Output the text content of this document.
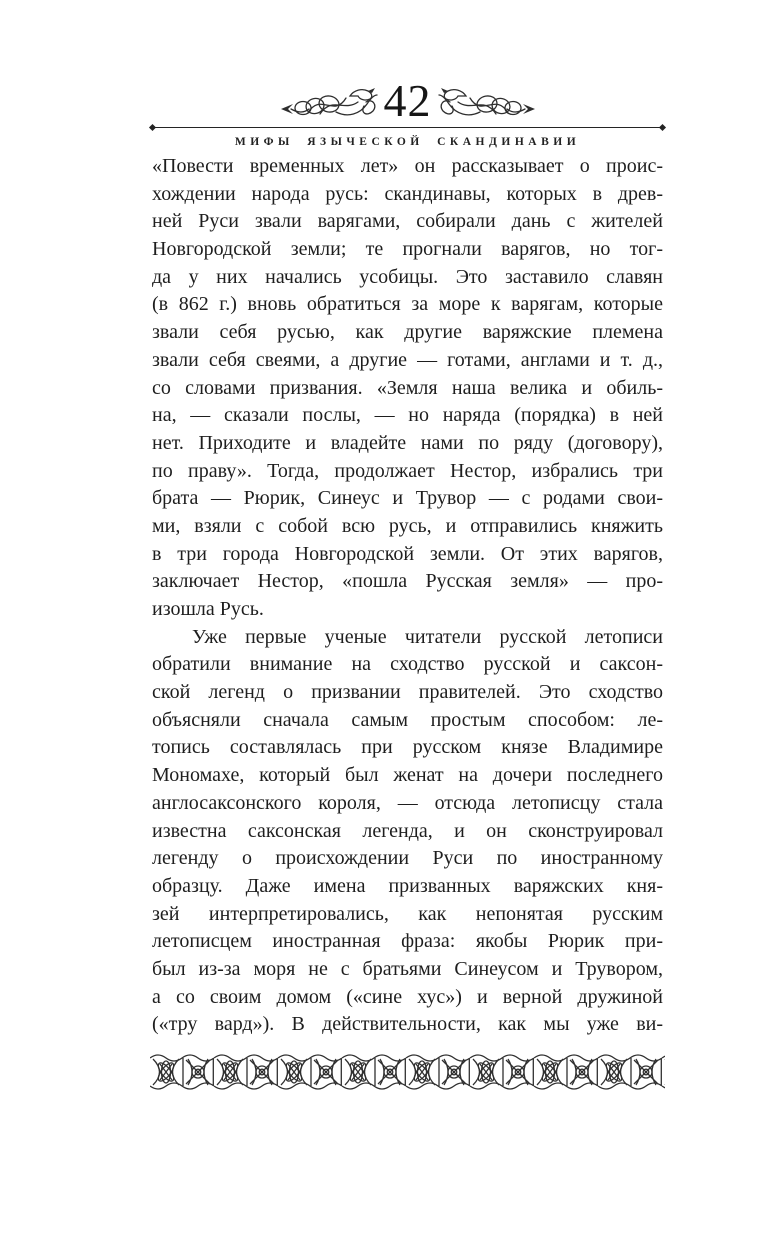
42
МИФЫ ЯЗЫЧЕСКОЙ СКАНДИНАВИИ
«Повести временных лет» он рассказывает о проис-
хождении народа русь: скандинавы, которых в древ-
ней Руси звали варягами, собирали дань с жителей
Новгородской земли; те прогнали варягов, но тог-
да у них начались усобицы. Это заставило славян
(в 862 г.) вновь обратиться за море к варягам, которые
звали себя русью, как другие варяжские племена
звали себя свеями, а другие — готами, англами и т. д.,
со словами призвания. «Земля наша велика и обиль-
на, — сказали послы, — но наряда (порядка) в ней
нет. Приходите и владейте нами по ряду (договору),
по праву». Тогда, продолжает Нестор, избрались три
брата — Рюрик, Синеус и Трувор — с родами свои-
ми, взяли с собой всю русь, и отправились княжить
в три города Новгородской земли. От этих варягов,
заключает Нестор, «пошла Русская земля» — про-
изошла Русь.
Уже первые ученые читатели русской летописи
обратили внимание на сходство русской и саксон-
ской легенд о призвании правителей. Это сходство
объясняли сначала самым простым способом: ле-
топись составлялась при русском князе Владимире
Мономахе, который был женат на дочери последнего
англосаксонского короля, — отсюда летописцу стала
известна саксонская легенда, и он сконструировал
легенду о происхождении Руси по иностранному
образцу. Даже имена призванных варяжских кня-
зей интерпретировались, как непонятая русским
летописцем иностранная фраза: якобы Рюрик при-
был из-за моря не с братьями Синеусом и Трувором,
а со своим домом («сине хус») и верной дружиной
(«тру вард»). В действительности, как мы уже ви-
